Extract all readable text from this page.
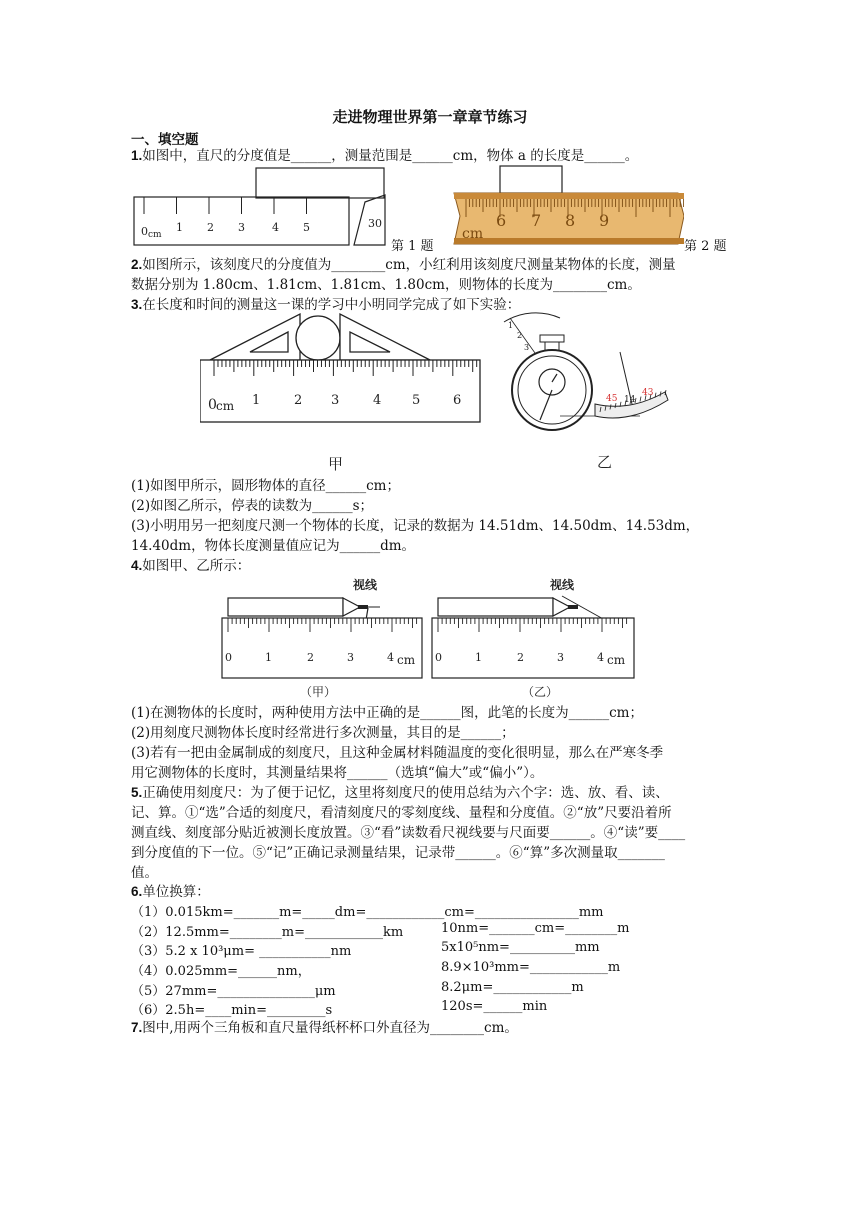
走进物理世界第一章章节练习
一、填空题
1.如图中，直尺的分度值是______，测量范围是______cm，物体 a 的长度是______。
0 cm
1 2 3 4 5	30
第 1 题
6 7 8 9
cm
第 2 题
2.如图所示，该刻度尺的分度值为________cm，小红利用该刻度尺测量某物体的长度，测量
数据分别为 1.80cm、1.81cm、1.81cm、1.80cm，则物体的长度为________cm。
3.在长度和时间的测量这一课的学习中小明同学完成了如下实验：
0 cm 1	2 3	4 5	6
甲
1
2
3
45 14
43
乙
(1)如图甲所示，圆形物体的直径______cm；
(2)如图乙所示，停表的读数为______s；
(3)小明用另一把刻度尺测一个物体的长度，记录的数据为 14.51dm、14.50dm、14.53dm，
14.40dm，物体长度测量值应记为______dm。
4.如图甲、乙所示：
视线
0	1	2	3	4 cm
（甲）
视线
0	1	2	3	4 cm
（乙）
(1)在测物体的长度时，两种使用方法中正确的是______图，此笔的长度为______cm；
(2)用刻度尺测物体长度时经常进行多次测量，其目的是______；
(3)若有一把由金属制成的刻度尺，且这种金属材料随温度的变化很明显，那么在严寒冬季
用它测物体的长度时，其测量结果将______（选填“偏大”或“偏小”）。
5.正确使用刻度尺：为了便于记忆，这里将刻度尺的使用总结为六个字：选、放、看、读、
记、算。①“选”合适的刻度尺，看清刻度尺的零刻度线、量程和分度值。②“放”尺要沿着所
测直线、刻度部分贴近被测长度放置。③“看”读数看尺视线要与尺面要______。④“读”要____
到分度值的下一位。⑤“记”正确记录测量结果，记录带______。⑥“算”多次测量取_______
值。
6.单位换算：
（1）0.015km=_______m=_____dm=____________cm=________________mm
（2）12.5mm=________m=____________km	10nm=_______cm=________m
（3）5.2 x 10³μm= ___________nm	5x10⁵nm=__________mm
（4）0.025mm=______nm，	8.9×10³mm=____________m
（5）27mm=_______________μm	8.2μm=____________m
（6）2.5h=____min=_________s	120s=______min
7.图中,用两个三角板和直尺量得纸杯杯口外直径为________cm。
